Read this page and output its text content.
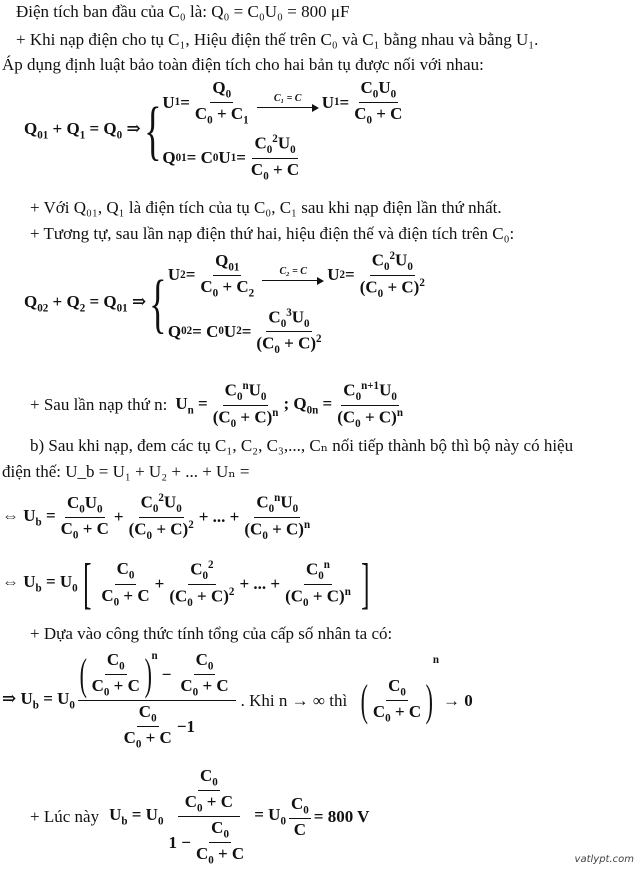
Điện tích ban đầu của C₀ là: Q₀ = C₀U₀ = 800 μF
+ Khi nạp điện cho tụ C₁, Hiệu điện thế trên C₀ và C₁ bằng nhau và bằng U₁.
Áp dụng định luật bảo toàn điện tích cho hai bản tụ được nối với nhau:
$Q_{01} + Q_1 = Q_0$ ⇒ { U $1 = \frac{Q_0}{C_0 + C_1} C_1 = C$ U $1 = \frac{C_0U_0}{C_0 + C}$
Q 01 = C 0 U $1 = \frac{C_0^2U_0}{C_0 + C}$
+ Với Q₀₁, Q₁ là điện tích của tụ C₀, C₁ sau khi nạp điện lần thứ nhất.
+ Tương tự, sau lần nạp điện thứ hai, hiệu điện thế và điện tích trên C₀:
$Q_{02} + Q_2 = Q_{01}$ ⇒ { U $2 = \frac{Q_{01}}{C_0 + C_2} C_2 = C$ U $2 = \frac{C_0^2U_0}{(C_0 + C)^2}$
Q 02 = C 0 U $2 = \frac{C_0^3U_0}{(C_0 + C)^2}$
+ Sau lần nạp thứ n: $U_n = \frac{C_0^nU_0}{(C_0 + C)^n}$ ; $Q_{0n} = \frac{C_0^{n+1}U_0}{(C_0 + C)^n}$
b) Sau khi nạp, đem các tụ C₁, C₂, C₃,..., Cₙ nối tiếp thành bộ thì bộ này có hiệu
điện thế: U_b = U₁ + U₂ + ... + Uₙ =
⇔ $U_b = \frac{C_0U_0}{C_0 + C} + \frac{C_0^2U_0}{(C_0 + C)^2}$ + ... + $\frac{C_0^nU_0}{(C_0 + C)^n}$
⇔ $U_b = U_0$ [ $\frac{C_0}{C_0 + C} + \frac{C_0^2}{(C_0 + C)^2}$ + ... + $\frac{C_0^n}{(C_0 + C)^n}$ ]
+ Dựa vào công thức tính tổng của cấp số nhân ta có:
⇒ $U_b = U_0$ ( $\frac{C_0}{C_0 + C} )^n$
− $\frac{C_0}{C_0 + C}$
$\frac{C_0}{C_0 + C} -1$ . Khi n → ∞ thì ( $\frac{C_0}{C_0 + C}$ )
n
→ 0
+ Lúc này $U_b = U_0 \frac{\frac{C_0}{C_0 + C}}{1 - \frac{C_0}{C_0 + C}} = U_0 \frac{C_0}{C} = 800$ V
vatlypt.com
